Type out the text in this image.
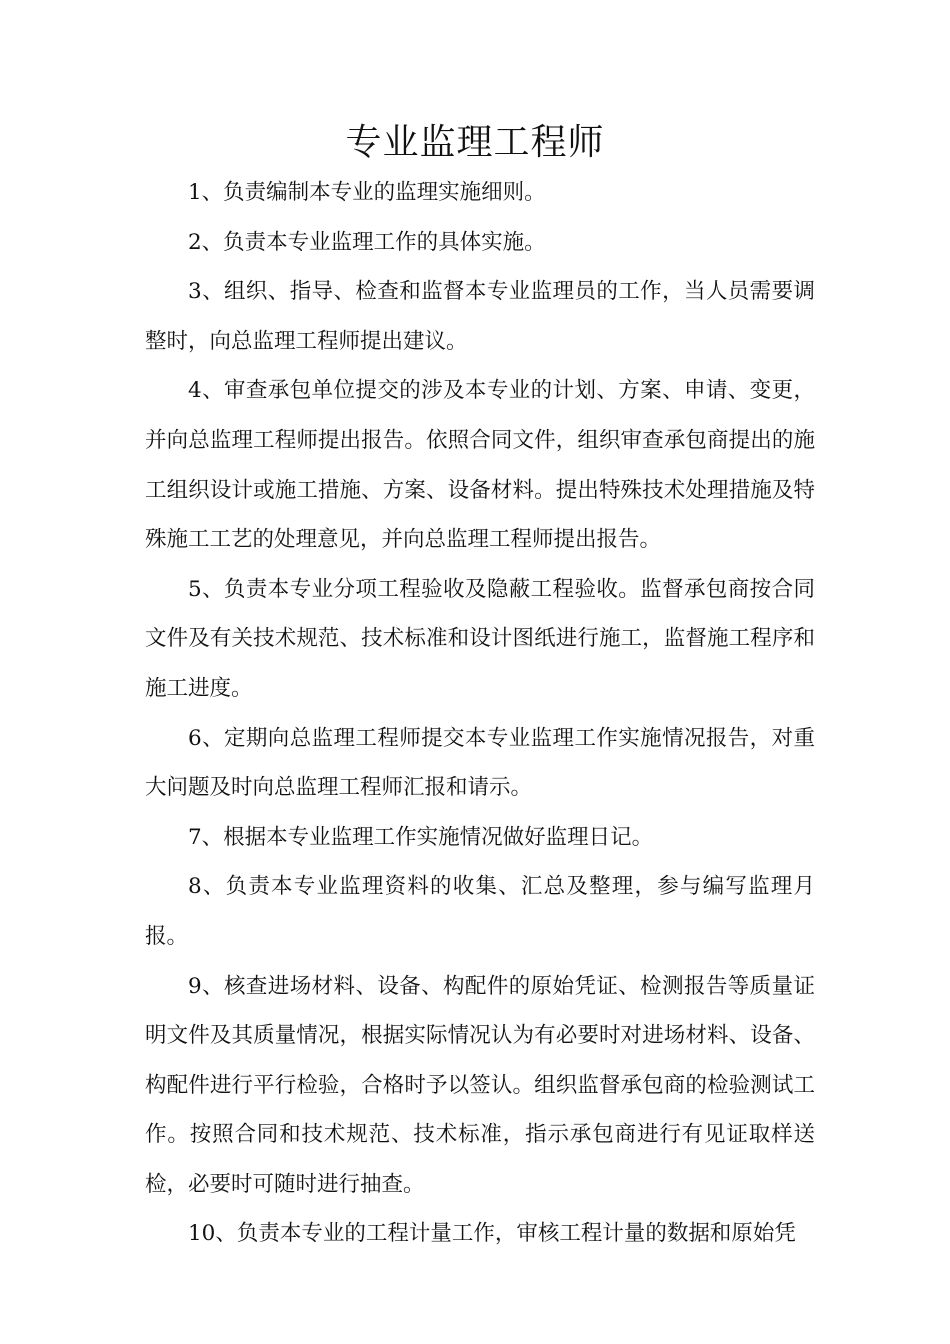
专业监理工程师

1、负责编制本专业的监理实施细则。

2、负责本专业监理工作的具体实施。

3、组织、指导、检查和监督本专业监理员的工作，当人员需要调整时，向总监理工程师提出建议。

4、审查承包单位提交的涉及本专业的计划、方案、申请、变更，并向总监理工程师提出报告。依照合同文件，组织审查承包商提出的施工组织设计或施工措施、方案、设备材料。提出特殊技术处理措施及特殊施工工艺的处理意见，并向总监理工程师提出报告。

5、负责本专业分项工程验收及隐蔽工程验收。监督承包商按合同文件及有关技术规范、技术标准和设计图纸进行施工，监督施工程序和施工进度。

6、定期向总监理工程师提交本专业监理工作实施情况报告，对重大问题及时向总监理工程师汇报和请示。

7、根据本专业监理工作实施情况做好监理日记。

8、负责本专业监理资料的收集、汇总及整理，参与编写监理月报。

9、核查进场材料、设备、构配件的原始凭证、检测报告等质量证明文件及其质量情况，根据实际情况认为有必要时对进场材料、设备、构配件进行平行检验，合格时予以签认。组织监督承包商的检验测试工作。按照合同和技术规范、技术标准，指示承包商进行有见证取样送检，必要时可随时进行抽查。

10、负责本专业的工程计量工作，审核工程计量的数据和原始凭
